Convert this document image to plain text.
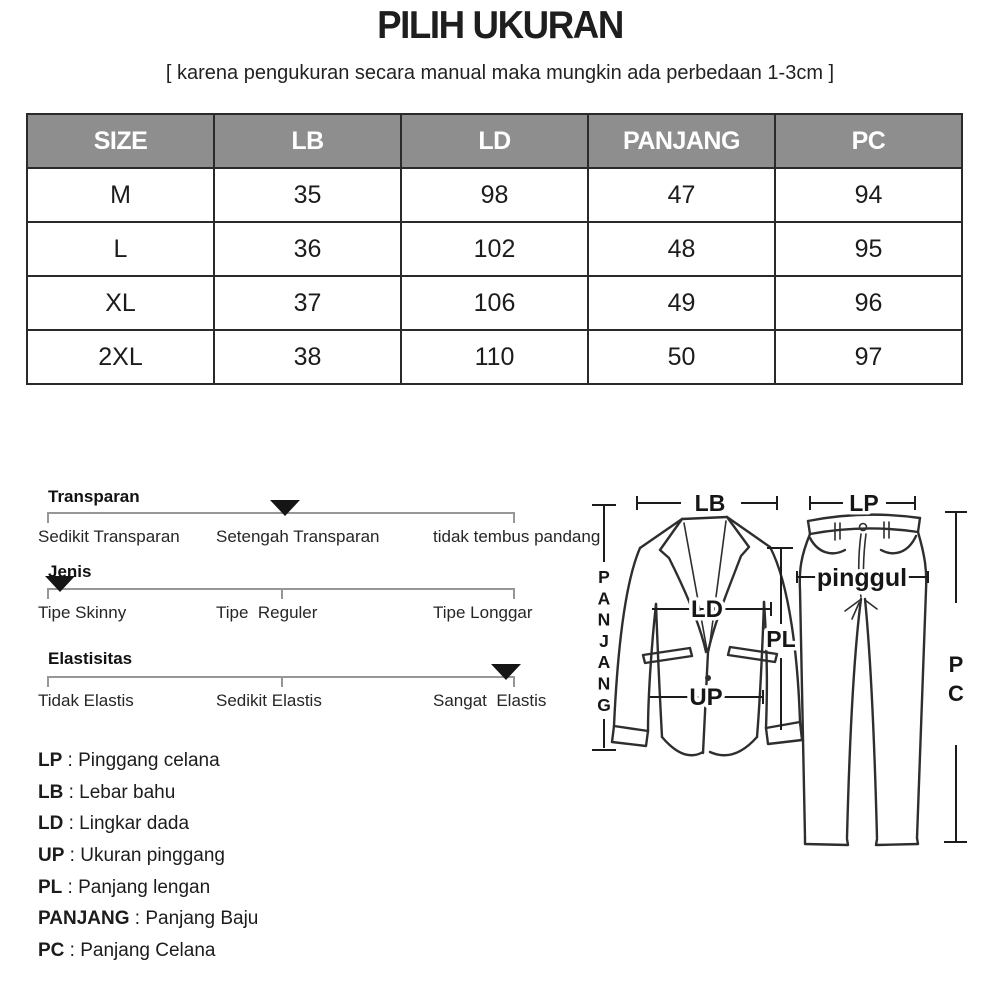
PILIH UKURAN
[ karena pengukuran secara manual maka mungkin ada perbedaan 1-3cm ]
SIZE	LB	LD	PANJANG	PC
M	35	98	47	94
L	36	102	48	95
XL	37	106	49	96
2XL	38	110	50	97
Transparan
Sedikit Transparan Setengah Transparan	tidak tembus pandang
Jenis
Tipe Skinny	Tipe  Reguler	Tipe Longgar
Elastisitas
Tidak Elastis	Sedikit Elastis	Sangat  Elastis
LP : Pinggang celana
LB : Lebar bahu
LD : Lingkar dada
UP : Ukuran pinggang
PL : Panjang lengan
PANJANG : Panjang Baju
PC : Panjang Celana
LB
P A N J A N G
LD
UP
PL
LP
pinggul
P C
